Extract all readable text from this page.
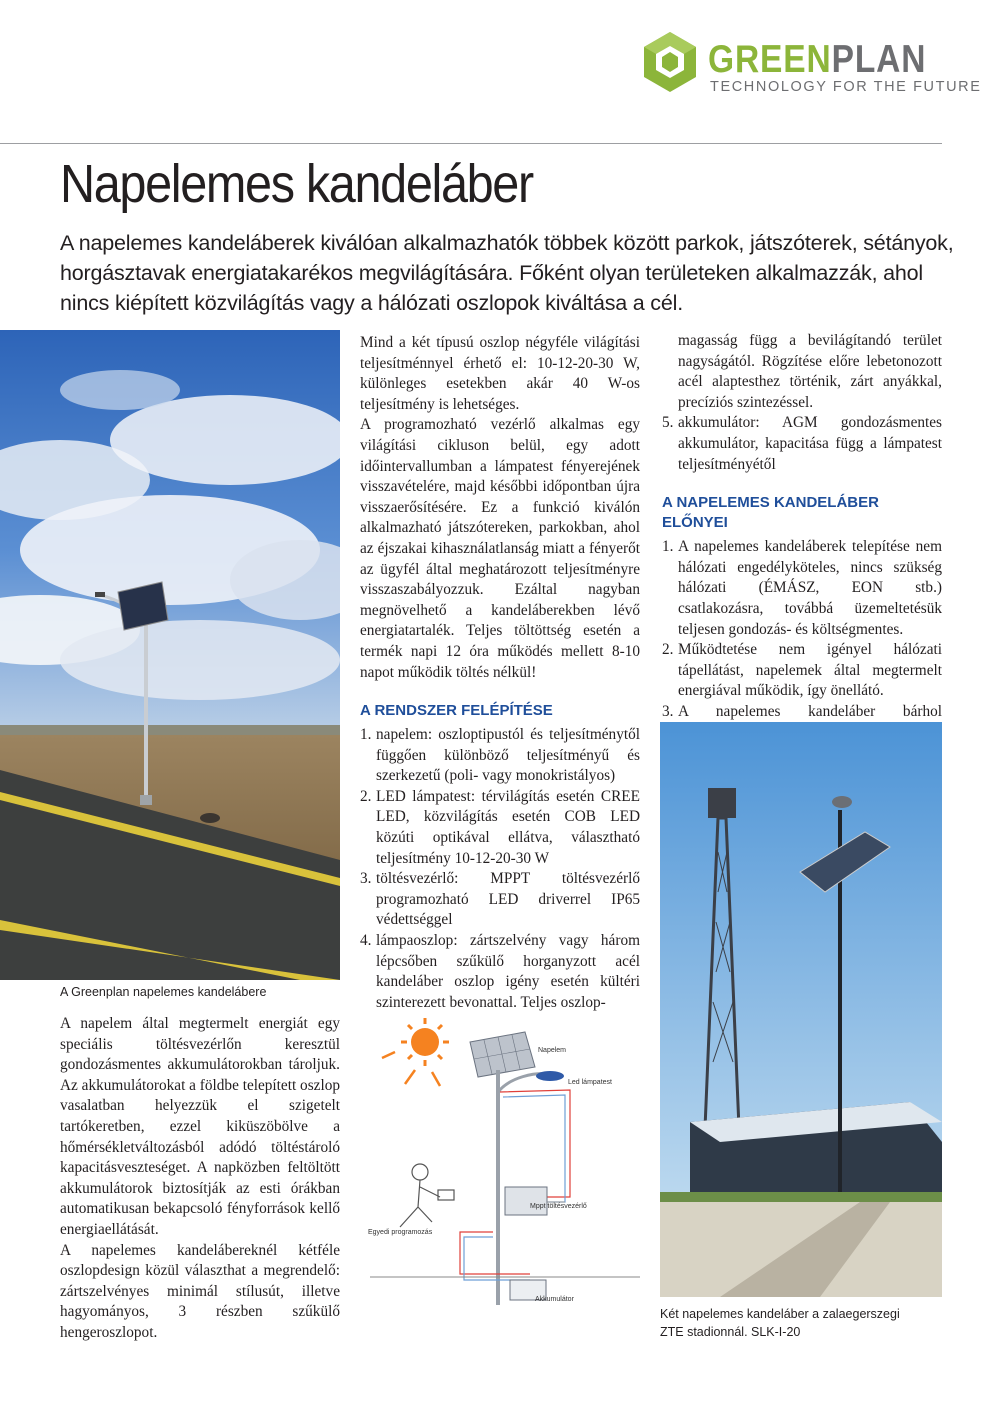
GREENPLAN
TECHNOLOGY FOR THE FUTURE
Napelemes kandeláber

A napelemes kandeláberek kiválóan alkalmazhatók többek között parkok, játszóterek, sétányok, horgásztavak energiatakarékos megvilágítására. Főként olyan területeken alkalmazzák, ahol nincs kiépített közvilágítás vagy a hálózati oszlopok kiváltása a cél.

A Greenplan napelemes kandelábere

A napelem által megtermelt energiát egy speciális töltésvezérlőn keresztül gondozásmentes akkumulátorokban tároljuk. Az akkumulátorokat a földbe telepített oszlop vasalatban helyezzük el szigetelt tartókeretben, ezzel kiküszöbölve a hőmérsékletváltozásból adódó töltéstároló kapacitásveszteséget. A napközben feltöltött akkumulátorok biztosítják az esti órákban automatikusan bekapcsoló fényforrások kellő energiaellátását.

A napelemes kandelábereknél kétféle oszlopdesign közül választhat a megrendelő: zártszelvényes minimál stílusút, illetve hagyományos, 3 részben szűkülő hengeroszlopot.

Mind a két típusú oszlop négyféle világítási teljesítménnyel érhető el: 10-12-20-30 W, különleges esetekben akár 40 W-os teljesítmény is lehetséges.

A programozható vezérlő alkalmas egy világítási cikluson belül, egy adott időintervallumban a lámpatest fényerejének visszavételére, majd későbbi időpontban újra visszaerősítésére. Ez a funkció kiválón alkalmazható játszótereken, parkokban, ahol az éjszakai kihasználatlanság miatt a fényerőt az ügyfél által meghatározott teljesítményre visszaszabályozzuk. Ezáltal nagyban megnövelhető a kandeláberekben lévő energiatartalék. Teljes töltöttség esetén a termék napi 12 óra működés mellett 8-10 napot működik töltés nélkül!

A RENDSZER FELÉPÍTÉSE

1. napelem: oszloptipustól és teljesítménytől függően különböző teljesítményű és szerkezetű (poli- vagy monokristályos)
2. LED lámpatest: térvilágítás esetén CREE LED, közvilágítás esetén COB LED közúti optikával ellátva, választható teljesítmény 10-12-20-30 W
3. töltésvezérlő: MPPT töltésvezérlő programozható LED driverrel IP65 védettséggel
4. lámpaoszlop: zártszelvény vagy három lépcsőben szűkülő horganyzott acél kandeláber oszlop igény esetén kültéri szinterezett bevonattal. Teljes oszlop-
Mppt töltésvezérlő
Akkumulátor
Napelem
Led lámpatest
Egyedi programozás
magasság függ a bevilágítandó terület nagyságától. Rögzítése előre lebetonozott acél alaptesthez történik, zárt anyákkal, precíziós szintezéssel.
5. akkumulátor: AGM gondozásmentes akkumulátor, kapacitása függ a lámpatest teljesítményétől

A NAPELEMES KANDELÁBER ELŐNYEI

1. A napelemes kandeláberek telepítése nem hálózati engedélyköteles, nincs szükség hálózati (ÉMÁSZ, EON stb.) csatlakozásra, továbbá üzemeltetésük teljesen gondozás- és költségmentes.
2. Működtetése nem igényel hálózati tápellátást, napelemek által megtermelt energiával működik, így önellátó.
3. A napelemes kandeláber bárhol
Két napelemes kandeláber a zalaegerszegi
ZTE stadionnál. SLK-I-20
